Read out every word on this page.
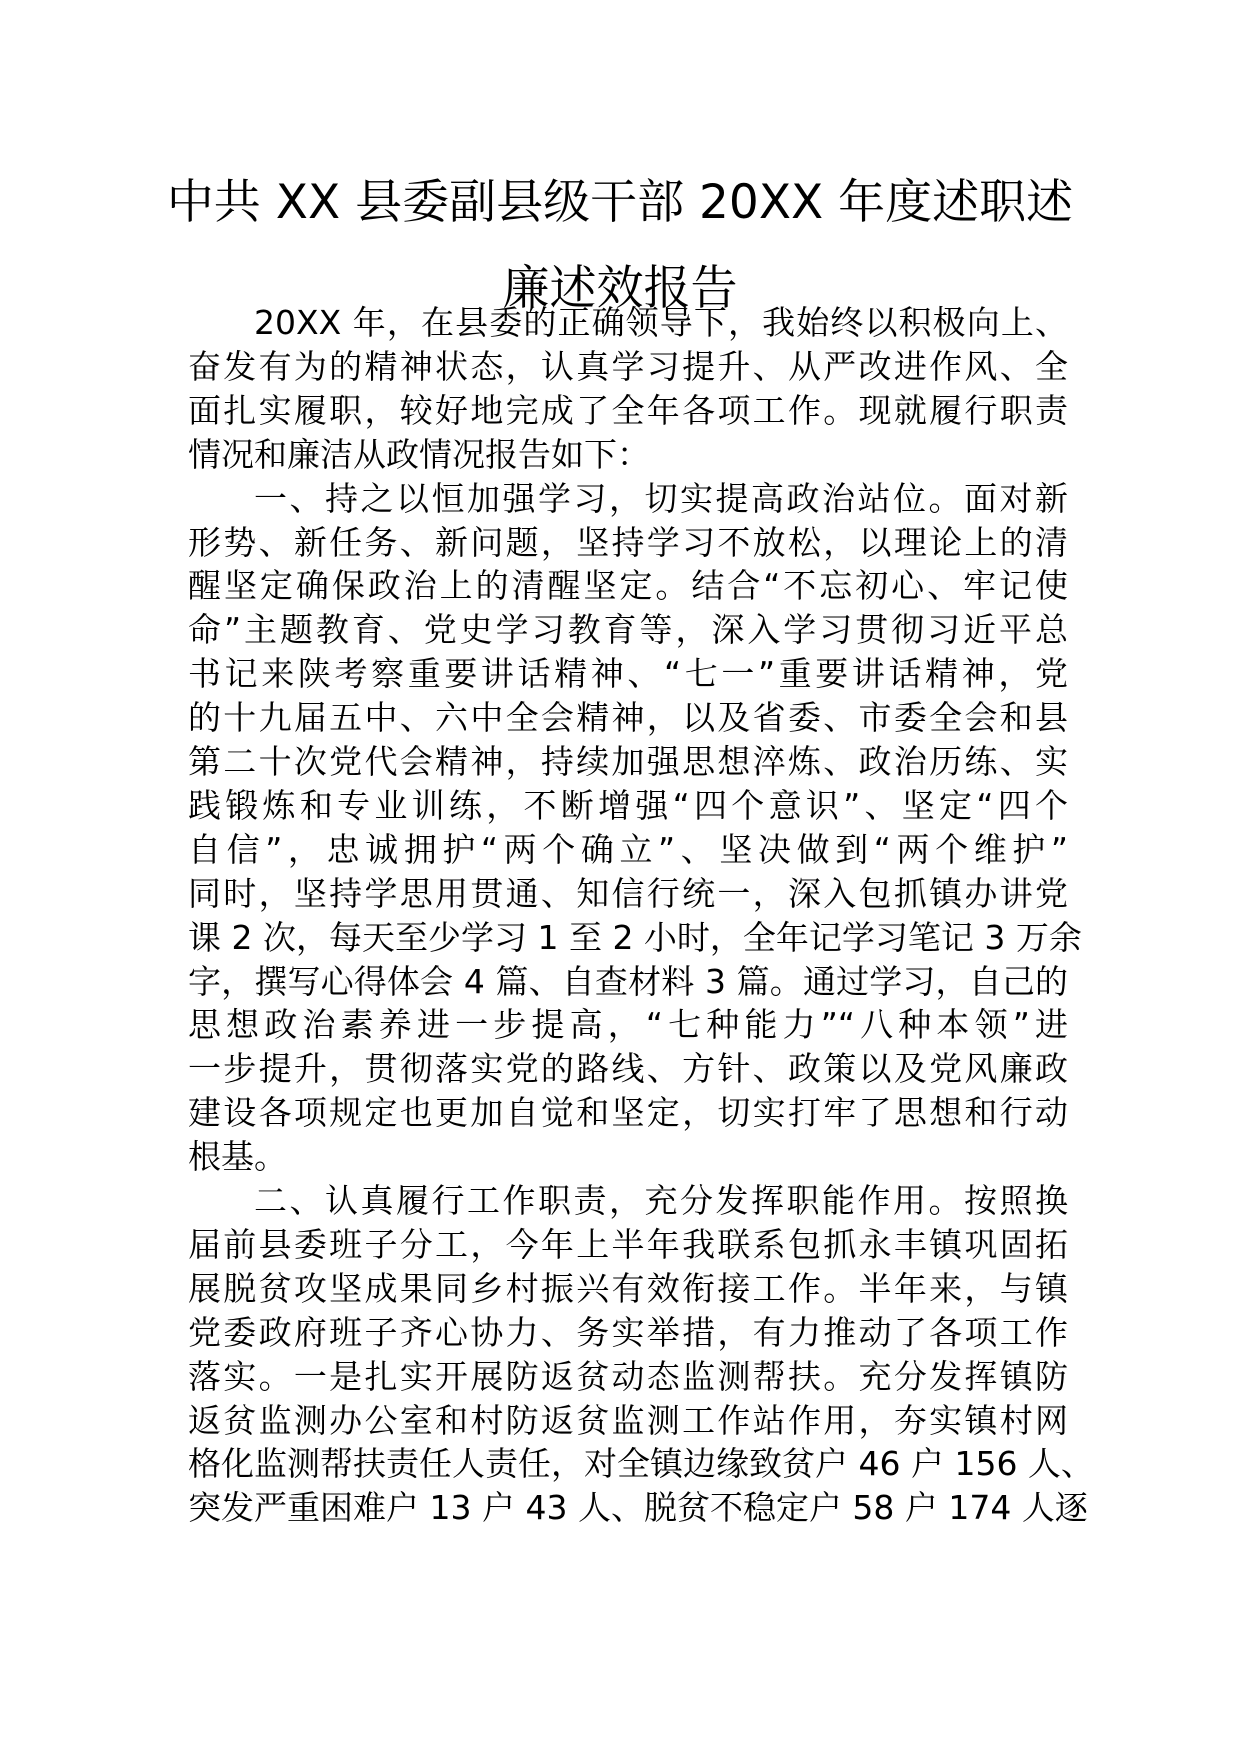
中共 XX 县委副县级干部 20XX 年度述职述
廉述效报告
20XX 年，在县委的正确领导下，我始终以积极向上、
奋发有为的精神状态，认真学习提升、从严改进作风、全
面扎实履职，较好地完成了全年各项工作。现就履行职责
情况和廉洁从政情况报告如下：
一、持之以恒加强学习，切实提高政治站位。面对新
形势、新任务、新问题，坚持学习不放松，以理论上的清
醒坚定确保政治上的清醒坚定。结合“不忘初心、牢记使
命”主题教育、党史学习教育等，深入学习贯彻习近平总
书记来陕考察重要讲话精神、“七一”重要讲话精神，党
的十九届五中、六中全会精神，以及省委、市委全会和县
第二十次党代会精神，持续加强思想淬炼、政治历练、实
践锻炼和专业训练，不断增强“四个意识”、坚定“四个
自信”，忠诚拥护“两个确立”、坚决做到“两个维护”
同时，坚持学思用贯通、知信行统一，深入包抓镇办讲党
课 2 次，每天至少学习 1 至 2 小时，全年记学习笔记 3 万余
字，撰写心得体会 4 篇、自查材料 3 篇。通过学习，自己的
思想政治素养进一步提高，“七种能力”“八种本领”进
一步提升，贯彻落实党的路线、方针、政策以及党风廉政
建设各项规定也更加自觉和坚定，切实打牢了思想和行动
根基。
二、认真履行工作职责，充分发挥职能作用。按照换
届前县委班子分工，今年上半年我联系包抓永丰镇巩固拓
展脱贫攻坚成果同乡村振兴有效衔接工作。半年来，与镇
党委政府班子齐心协力、务实举措，有力推动了各项工作
落实。一是扎实开展防返贫动态监测帮扶。充分发挥镇防
返贫监测办公室和村防返贫监测工作站作用，夯实镇村网
格化监测帮扶责任人责任，对全镇边缘致贫户 46 户 156 人、
突发严重困难户 13 户 43 人、脱贫不稳定户 58 户 174 人逐
